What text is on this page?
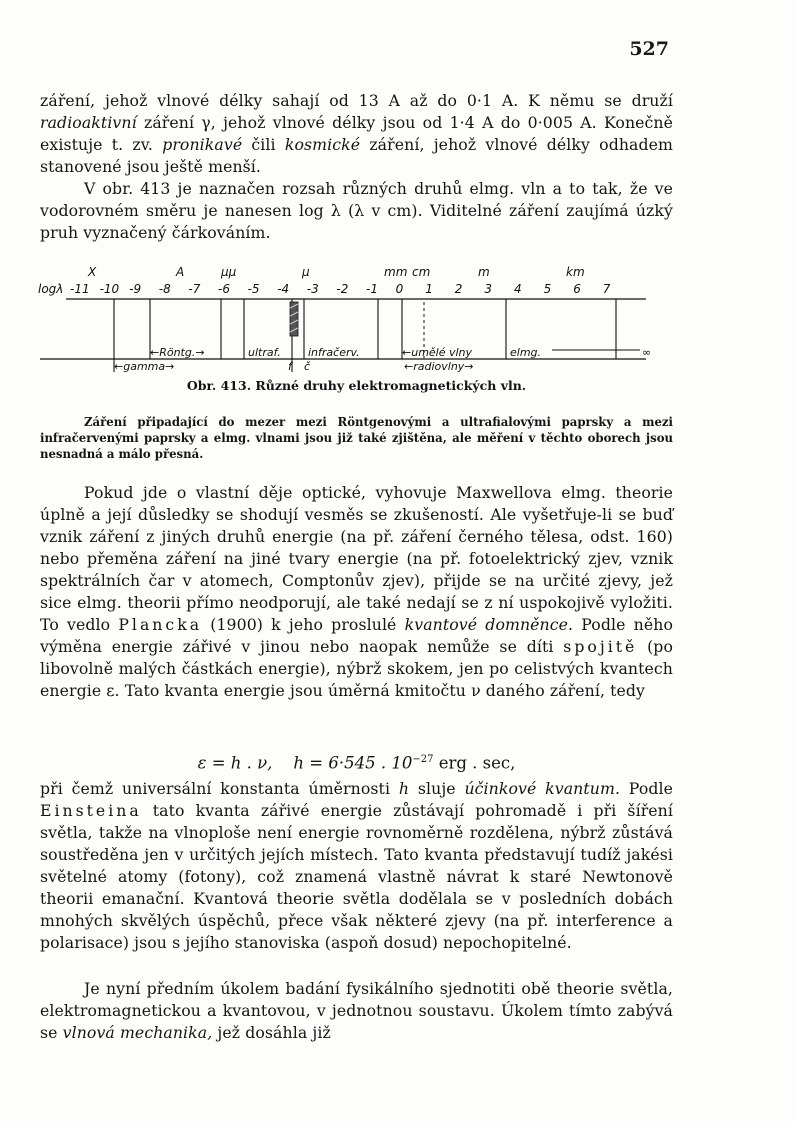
527

záření, jehož vlnové délky sahají od 13 A až do 0·1 A. K němu se druží radioaktivní záření γ, jehož vlnové délky jsou od 1·4 A do 0·005 A. Konečně existuje t. zv. pronikavé čili kosmické záření, jehož vlnové délky odhadem stanovené jsou ještě menší.

V obr. 413 je naznačen rozsah různých druhů elmg. vln a to tak, že ve vodorovném směru je nanesen log λ (λ v cm). Viditelné záření zaujímá úzký pruh vyznačený čárkováním.

X	A	μμ	μ	mm cm	m	km
logλ -11 -10 -9 -8 -7 -6 -5 -4 -3 -2 -1 0 1 2 3 4 5 6 7
←Röntg.→
←gamma→
ultraf. infračerv.	←umělé vlny	elmg.	∞
←radiovlny→
f č
Obr. 413. Různé druhy elektromagnetických vln.

Záření připadající do mezer mezi Röntgenovými a ultrafialovými paprsky a mezi infračervenými paprsky a elmg. vlnami jsou již také zjištěna, ale měření v těchto oborech jsou nesnadná a málo přesná.

Pokud jde o vlastní děje optické, vyhovuje Maxwellova elmg. theorie úplně a její důsledky se shodují vesměs se zkušeností. Ale vyšetřuje-li se buď vznik záření z jiných druhů energie (na př. záření černého tělesa, odst. 160) nebo přeměna záření na jiné tvary energie (na př. fotoelektrický zjev, vznik spektrálních čar v atomech, Comptonův zjev), přijde se na určité zjevy, jež sice elmg. theorii přímo neodporují, ale také nedají se z ní uspokojivě vyložiti. To vedlo Plancka (1900) k jeho proslulé kvantové domněnce. Podle něho výměna energie zářivé v jinou nebo naopak nemůže se díti spojitě (po libovolně malých částkách energie), nýbrž skokem, jen po celistvých kvantech energie ε. Tato kvanta energie jsou úměrná kmitočtu ν daného záření, tedy

ε = h . ν, h = 6·545 . $10^{-27}$ erg . sec,

při čemž universální konstanta úměrnosti h sluje účinkové kvantum. Podle Einsteina tato kvanta zářivé energie zůstávají pohromadě i při šíření světla, takže na vlnoploše není energie rovnoměrně rozdělena, nýbrž zůstává soustředěna jen v určitých jejích místech. Tato kvanta představují tudíž jakési světelné atomy (fotony), což znamená vlastně návrat k staré Newtonově theorii emanační. Kvantová theorie světla dodělala se v posledních dobách mnohých skvělých úspěchů, přece však některé zjevy (na př. interference a polarisace) jsou s jejího stanoviska (aspoň dosud) nepochopitelné.

Je nyní předním úkolem badání fysikálního sjednotiti obě theorie světla, elektromagnetickou a kvantovou, v jednotnou soustavu. Úkolem tímto zabývá se vlnová mechanika, jež dosáhla již
